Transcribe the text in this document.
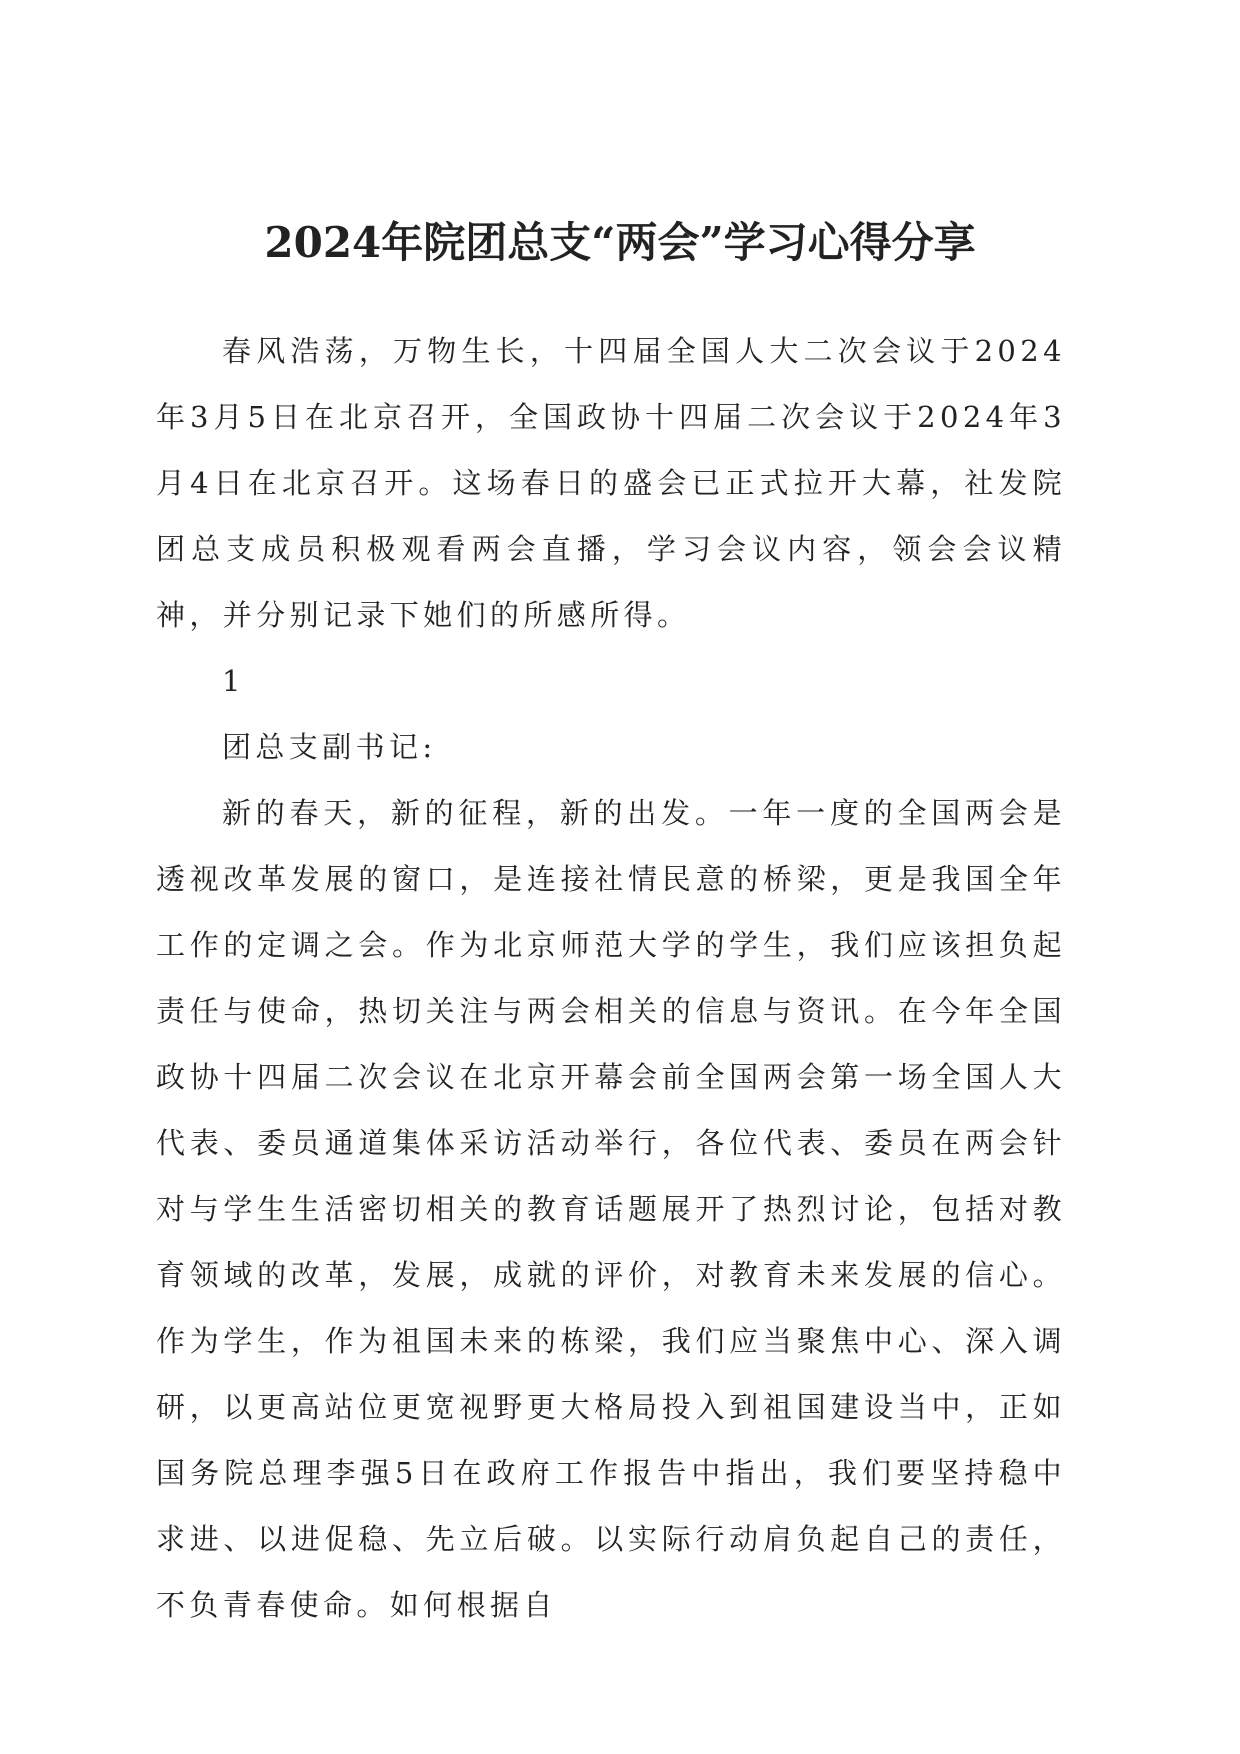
2024年院团总支“两会”学习心得分享

春风浩荡，万物生长，十四届全国人大二次会议于2024年3月5日在北京召开，全国政协十四届二次会议于2024年3月4日在北京召开。这场春日的盛会已正式拉开大幕，社发院团总支成员积极观看两会直播，学习会议内容，领会会议精神，并分别记录下她们的所感所得。

1

团总支副书记:

新的春天，新的征程，新的出发。一年一度的全国两会是透视改革发展的窗口，是连接社情民意的桥梁，更是我国全年工作的定调之会。作为北京师范大学的学生，我们应该担负起责任与使命，热切关注与两会相关的信息与资讯。在今年全国政协十四届二次会议在北京开幕会前全国两会第一场全国人大代表、委员通道集体采访活动举行，各位代表、委员在两会针对与学生生活密切相关的教育话题展开了热烈讨论，包括对教育领域的改革，发展，成就的评价，对教育未来发展的信心。作为学生，作为祖国未来的栋梁，我们应当聚焦中心、深入调研，以更高站位更宽视野更大格局投入到祖国建设当中，正如国务院总理李强5日在政府工作报告中指出，我们要坚持稳中求进、以进促稳、先立后破。以实际行动肩负起自己的责任，不负青春使命。如何根据自
